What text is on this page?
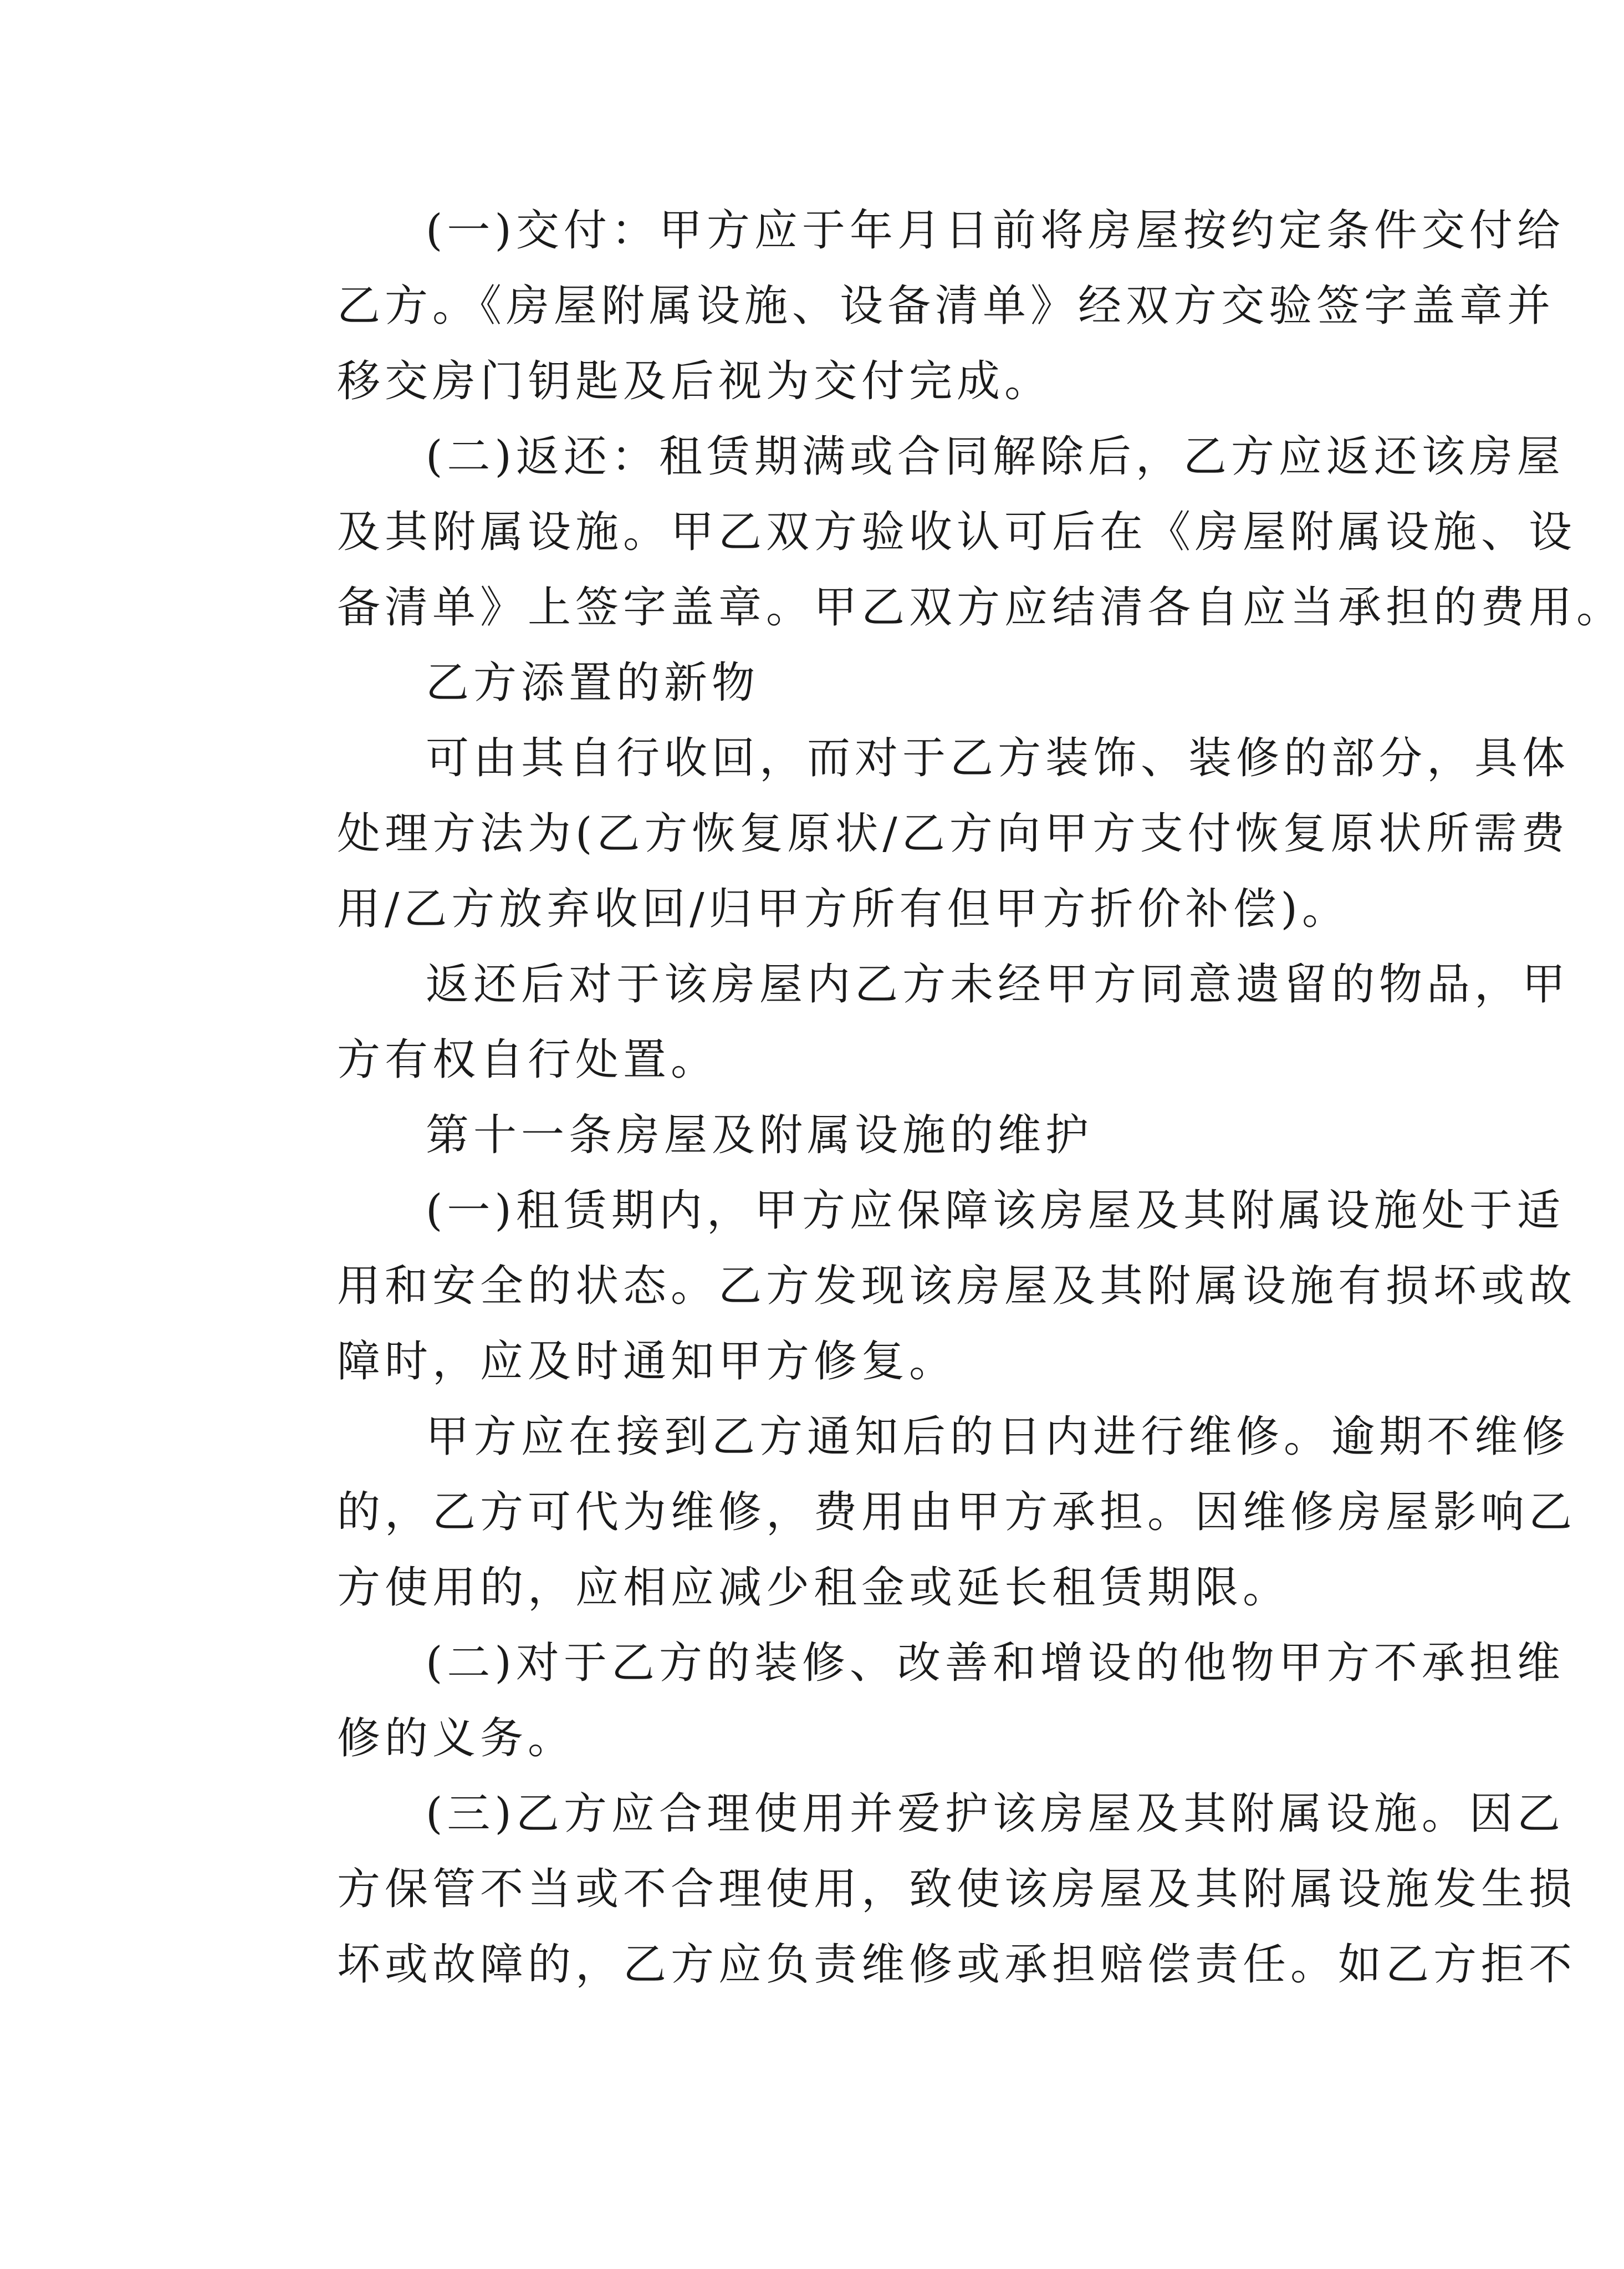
(一)交付：甲方应于年月日前将房屋按约定条件交付给
乙方。《房屋附属设施、设备清单》经双方交验签字盖章并
移交房门钥匙及后视为交付完成。
(二)返还：租赁期满或合同解除后，乙方应返还该房屋
及其附属设施。甲乙双方验收认可后在《房屋附属设施、设
备清单》上签字盖章。甲乙双方应结清各自应当承担的费用。
乙方添置的新物
可由其自行收回，而对于乙方装饰、装修的部分，具体
处理方法为(乙方恢复原状/乙方向甲方支付恢复原状所需费
用/乙方放弃收回/归甲方所有但甲方折价补偿)。
返还后对于该房屋内乙方未经甲方同意遗留的物品，甲
方有权自行处置。
第十一条房屋及附属设施的维护
(一)租赁期内，甲方应保障该房屋及其附属设施处于适
用和安全的状态。乙方发现该房屋及其附属设施有损坏或故
障时，应及时通知甲方修复。
甲方应在接到乙方通知后的日内进行维修。逾期不维修
的，乙方可代为维修，费用由甲方承担。因维修房屋影响乙
方使用的，应相应减少租金或延长租赁期限。
(二)对于乙方的装修、改善和增设的他物甲方不承担维
修的义务。
(三)乙方应合理使用并爱护该房屋及其附属设施。因乙
方保管不当或不合理使用，致使该房屋及其附属设施发生损
坏或故障的，乙方应负责维修或承担赔偿责任。如乙方拒不
